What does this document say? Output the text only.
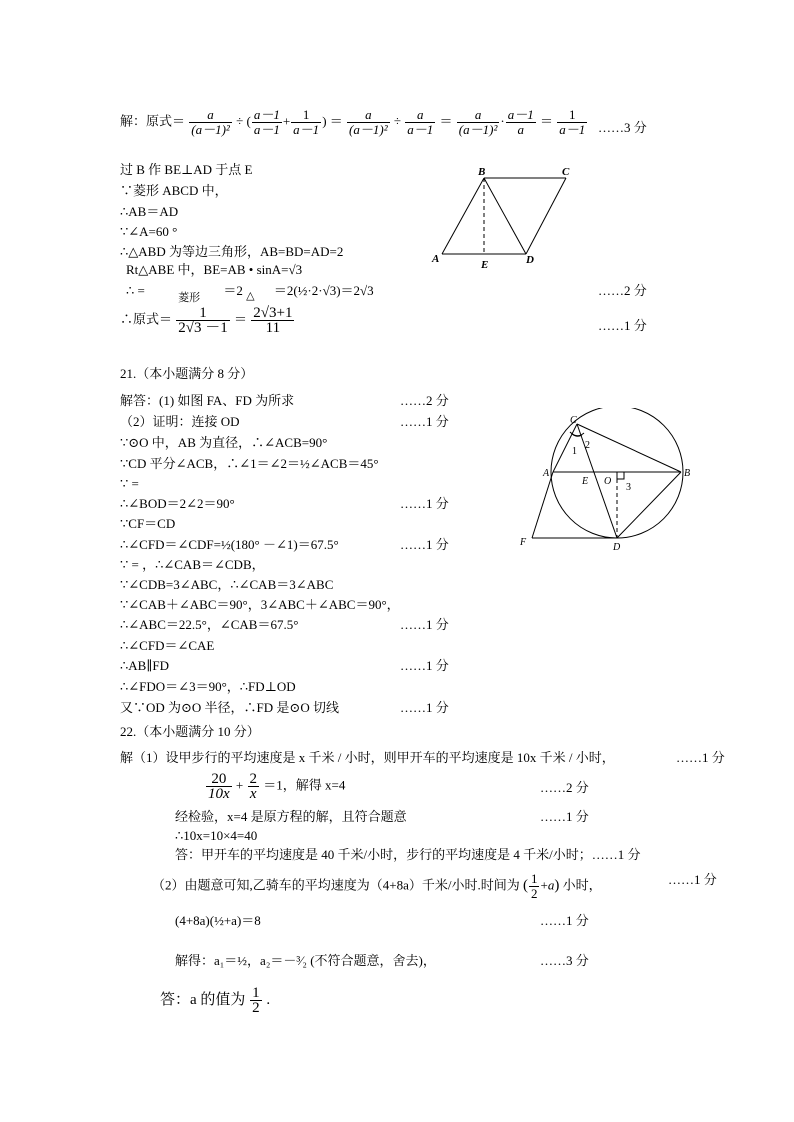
解：原式＝ $\frac{a}{\text{(a－1)²}}$ ÷ ( $\frac{a-1}{a-1} + \frac{1}{a-1}$ ) ＝ $\frac{a}{\text{(a－1)²}} \div \frac{a}{a-1} = \frac{a}{\text{(a－1)²}} \cdot \frac{a-1}{a} = \frac{1}{a-1}$ ……3 分
过 B 作 BE⊥AD 于点 E
∵菱形 ABCD 中，
∴AB＝AD
∵∠A=60 °
∴△ABD 为等边三角形，AB=BD=AD=2
Rt△ABE 中，BE=AB • sinA=√3
∴ =	$_{菱形}$ ＝2 $_\triangle$ ＝2(½·2·√3)＝2√3	……2 分
∴原式＝ $\frac{1}{2√3 -1} = \frac{2√3+1}{11}$	……1 分
B	C
A	E	D
21.（本小题满分 8 分）
解答：(1) 如图 FA、FD 为所求	……2 分
（2）证明：连接 OD	……1 分
∵⊙O 中，AB 为直径，∴∠ACB=90°
∵CD 平分∠ACB，∴∠1＝∠2＝½∠ACB＝45°
∵ =
∴∠BOD＝2∠2＝90°	……1 分
∵CF＝CD
∴∠CFD＝∠CDF=½(180° －∠1)＝67.5°	……1 分
∵ = ，∴∠CAB＝∠CDB，
∵∠CDB=3∠ABC，∴∠CAB＝3∠ABC
∵∠CAB＋∠ABC＝90°，3∠ABC＋∠ABC＝90°，
∴∠ABC＝22.5°，∠CAB＝67.5°	……1 分
∴∠CFD＝∠CAE
∴AB∥FD	……1 分
∴∠FDO＝∠3＝90°，∴FD⊥OD
又∵OD 为⊙O 半径，∴FD 是⊙O 切线	……1 分
C
1
2
A
E O
3
B
F	D
22.（本小题满分 10 分）
解（1）设甲步行的平均速度是 x 千米 / 小时，则甲开车的平均速度是 10x 千米 / 小时，	……1 分
$\frac{20}{10x} + \frac{2}{x} =1$，解得 x=4	……2 分
经检验，x=4 是原方程的解，且符合题意	……1 分
∴10x=10×4=40
答：甲开车的平均速度是 40 千米/小时，步行的平均速度是 4 千米/小时；……1 分
（2）由题意可知,乙骑车的平均速度为（4+8a）千米/小时.时间为 ( $\frac{1}{2} +a$) 小时，	……1 分
(4+8a)(½+a)＝8	……1 分
解得：a₁＝½，a₂＝－³⁄₂ (不符合题意，舍去)，	……3 分
答：a 的值为 $\frac{1}{2}$ .
